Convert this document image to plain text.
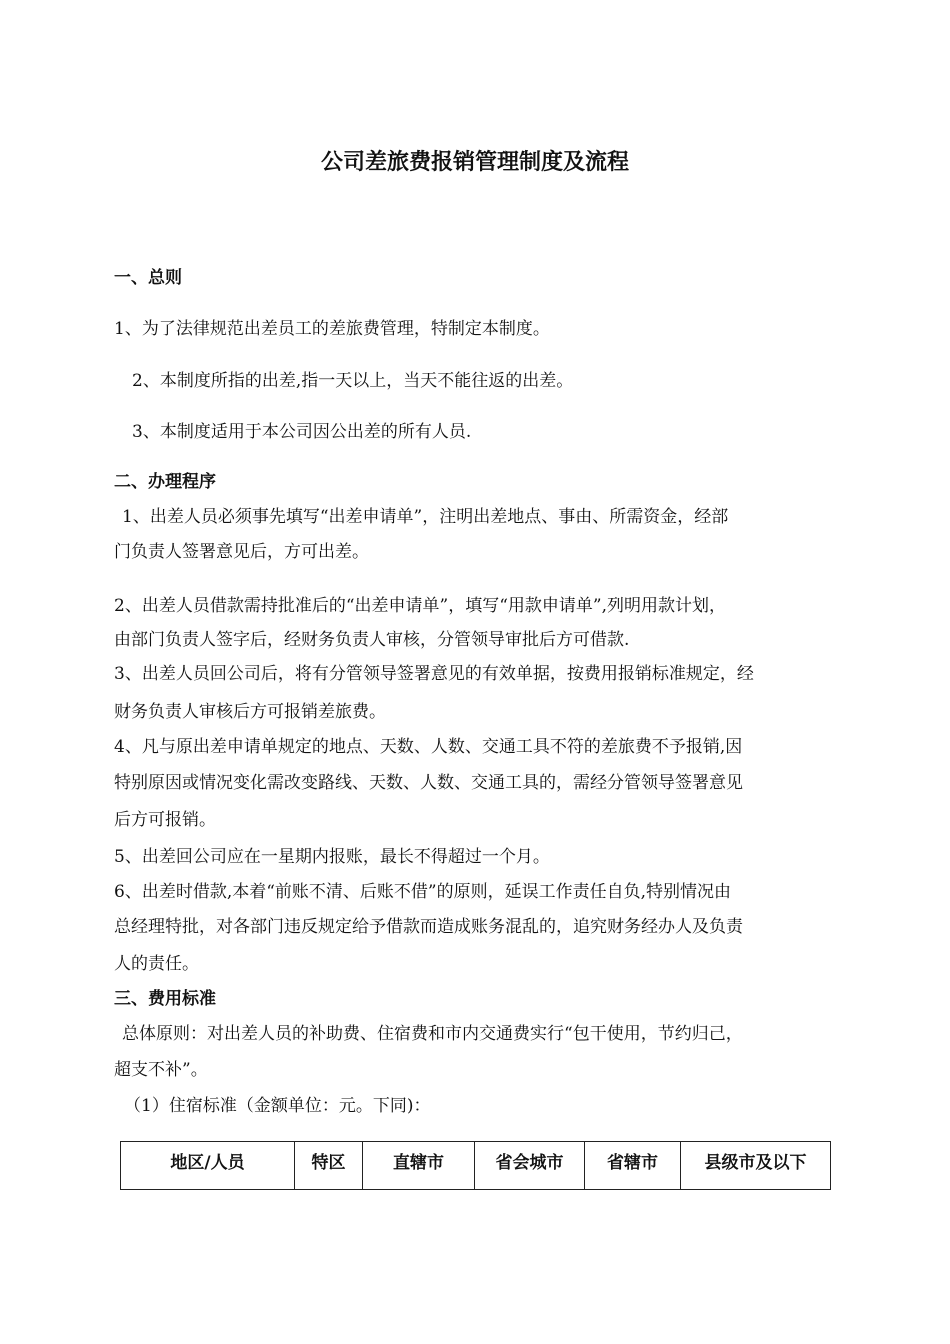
公司差旅费报销管理制度及流程
一、总则

1、为了法律规范出差员工的差旅费管理，特制定本制度。

2、本制度所指的出差,指一天以上，当天不能往返的出差。

3、本制度适用于本公司因公出差的所有人员.

二、办理程序

1、出差人员必须事先填写“出差申请单”，注明出差地点、事由、所需资金，经部

门负责人签署意见后，方可出差。

2、出差人员借款需持批准后的“出差申请单”，填写“用款申请单”,列明用款计划，

由部门负责人签字后，经财务负责人审核，分管领导审批后方可借款.

3、出差人员回公司后，将有分管领导签署意见的有效单据，按费用报销标准规定，经

财务负责人审核后方可报销差旅费。

4、凡与原出差申请单规定的地点、天数、人数、交通工具不符的差旅费不予报销,因

特别原因或情况变化需改变路线、天数、人数、交通工具的，需经分管领导签署意见

后方可报销。

5、出差回公司应在一星期内报账，最长不得超过一个月。

6、出差时借款,本着“前账不清、后账不借”的原则，延误工作责任自负,特别情况由

总经理特批，对各部门违反规定给予借款而造成账务混乱的，追究财务经办人及负责

人的责任。

三、费用标准

总体原则：对出差人员的补助费、住宿费和市内交通费实行“包干使用，节约归己，

超支不补”。

（1）住宿标准（金额单位：元。下同)：

地区/人员	特区	直辖市	省会城市	省辖市	县级市及以下
